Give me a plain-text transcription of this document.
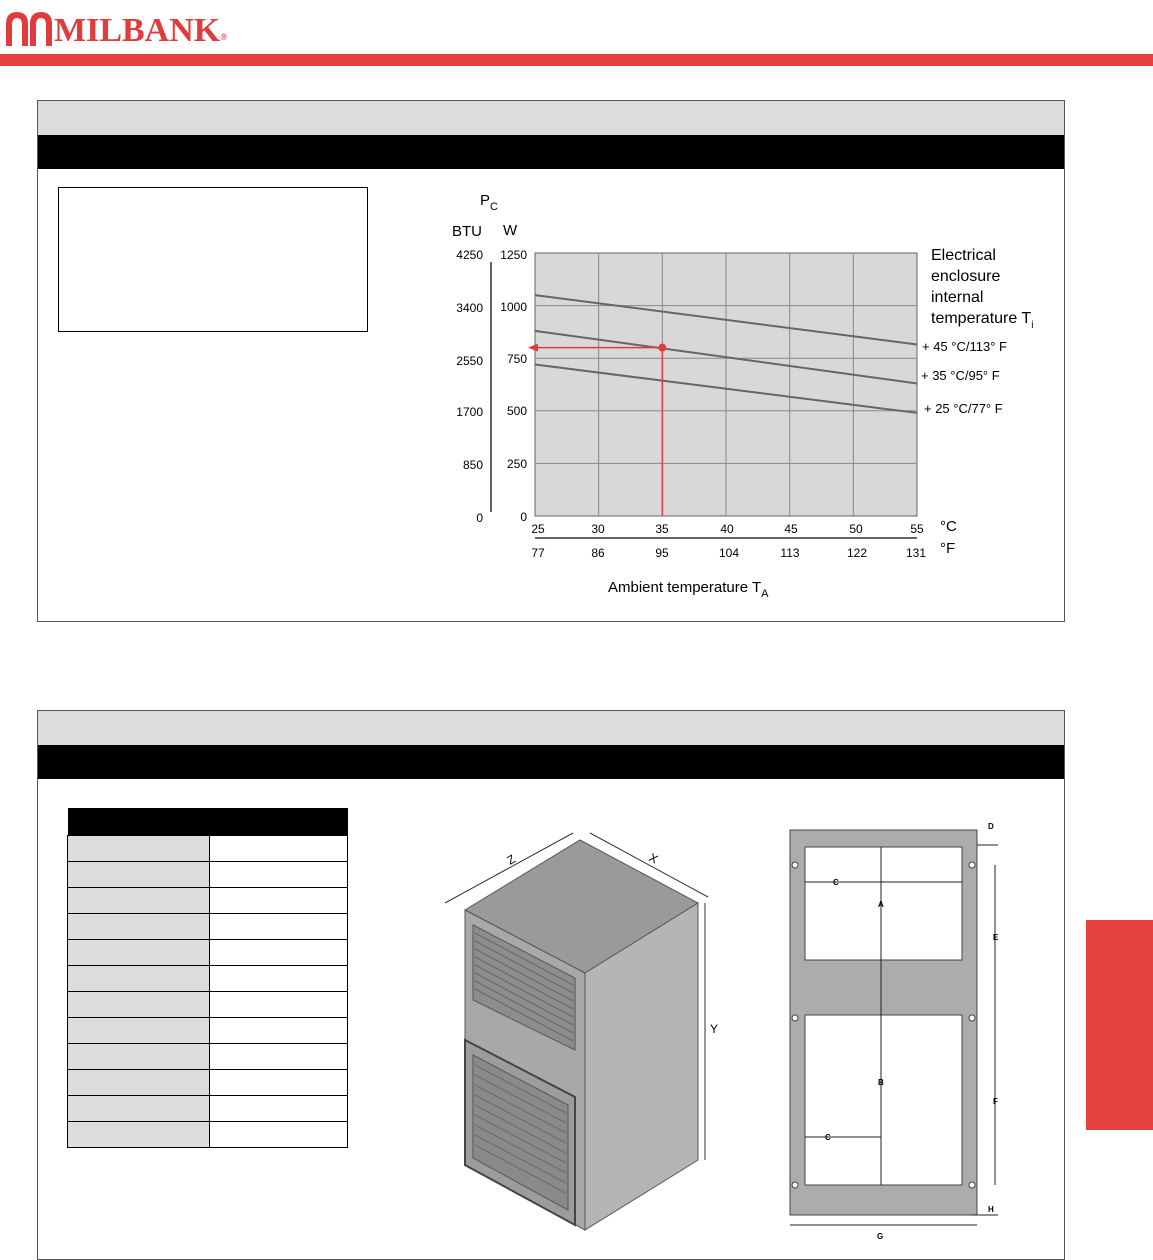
MILBANK®
$P_C$
BTU W
1250
1000
750
500
250
0
4250
3400
2550
1700
850
0
25	30	35	40	45	50	55
77	86	95	104	113	122	131
°C
°F
Ambient temperature $T_A$
Electrical
enclosure
internal
temperature $T_i$
+ 45 °C/113° F
+ 35 °C/95° F
+ 25 °C/77° F

Z	X
Y
A
B
C
C
D
E
F
G
H
